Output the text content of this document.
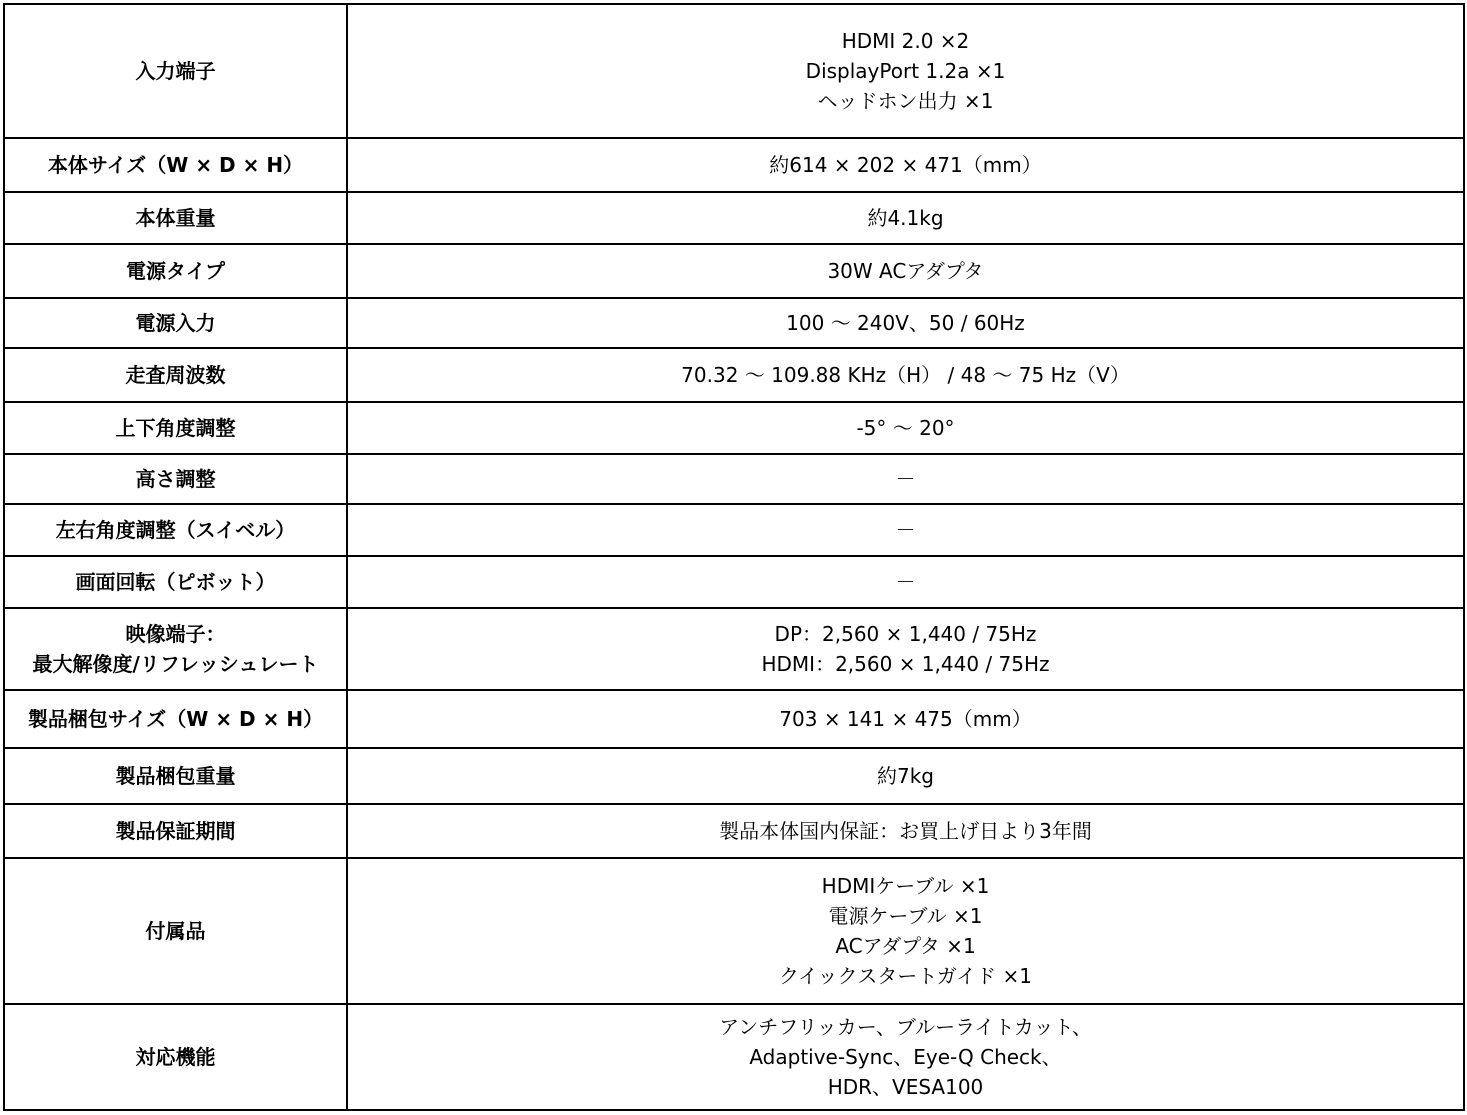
入力端子	HDMI 2.0 ×2
DisplayPort 1.2a ×1
ヘッドホン出力 ×1

本体サイズ（W × D × H）	約614 × 202 × 471（mm）

本体重量	約4.1kg

電源タイプ	30W ACアダプタ

電源入力	100 ～ 240V、50 / 60Hz

走査周波数	70.32 ～ 109.88 KHz（H） / 48 ～ 75 Hz（V）

上下角度調整	-5° ～ 20°

高さ調整	－

左右角度調整（スイベル）	－

画面回転（ピボット）	－

映像端子：
最大解像度/リフレッシュレート	DP：2,560 × 1,440 / 75Hz
HDMI：2,560 × 1,440 / 75Hz

製品梱包サイズ（W × D × H）	703 × 141 × 475（mm）

製品梱包重量	約7kg

製品保証期間	製品本体国内保証：お買上げ日より3年間

付属品	HDMIケーブル ×1
電源ケーブル ×1
ACアダプタ ×1
クイックスタートガイド ×1

対応機能	アンチフリッカー、ブルーライトカット、
Adaptive-Sync、Eye-Q Check、
HDR、VESA100
